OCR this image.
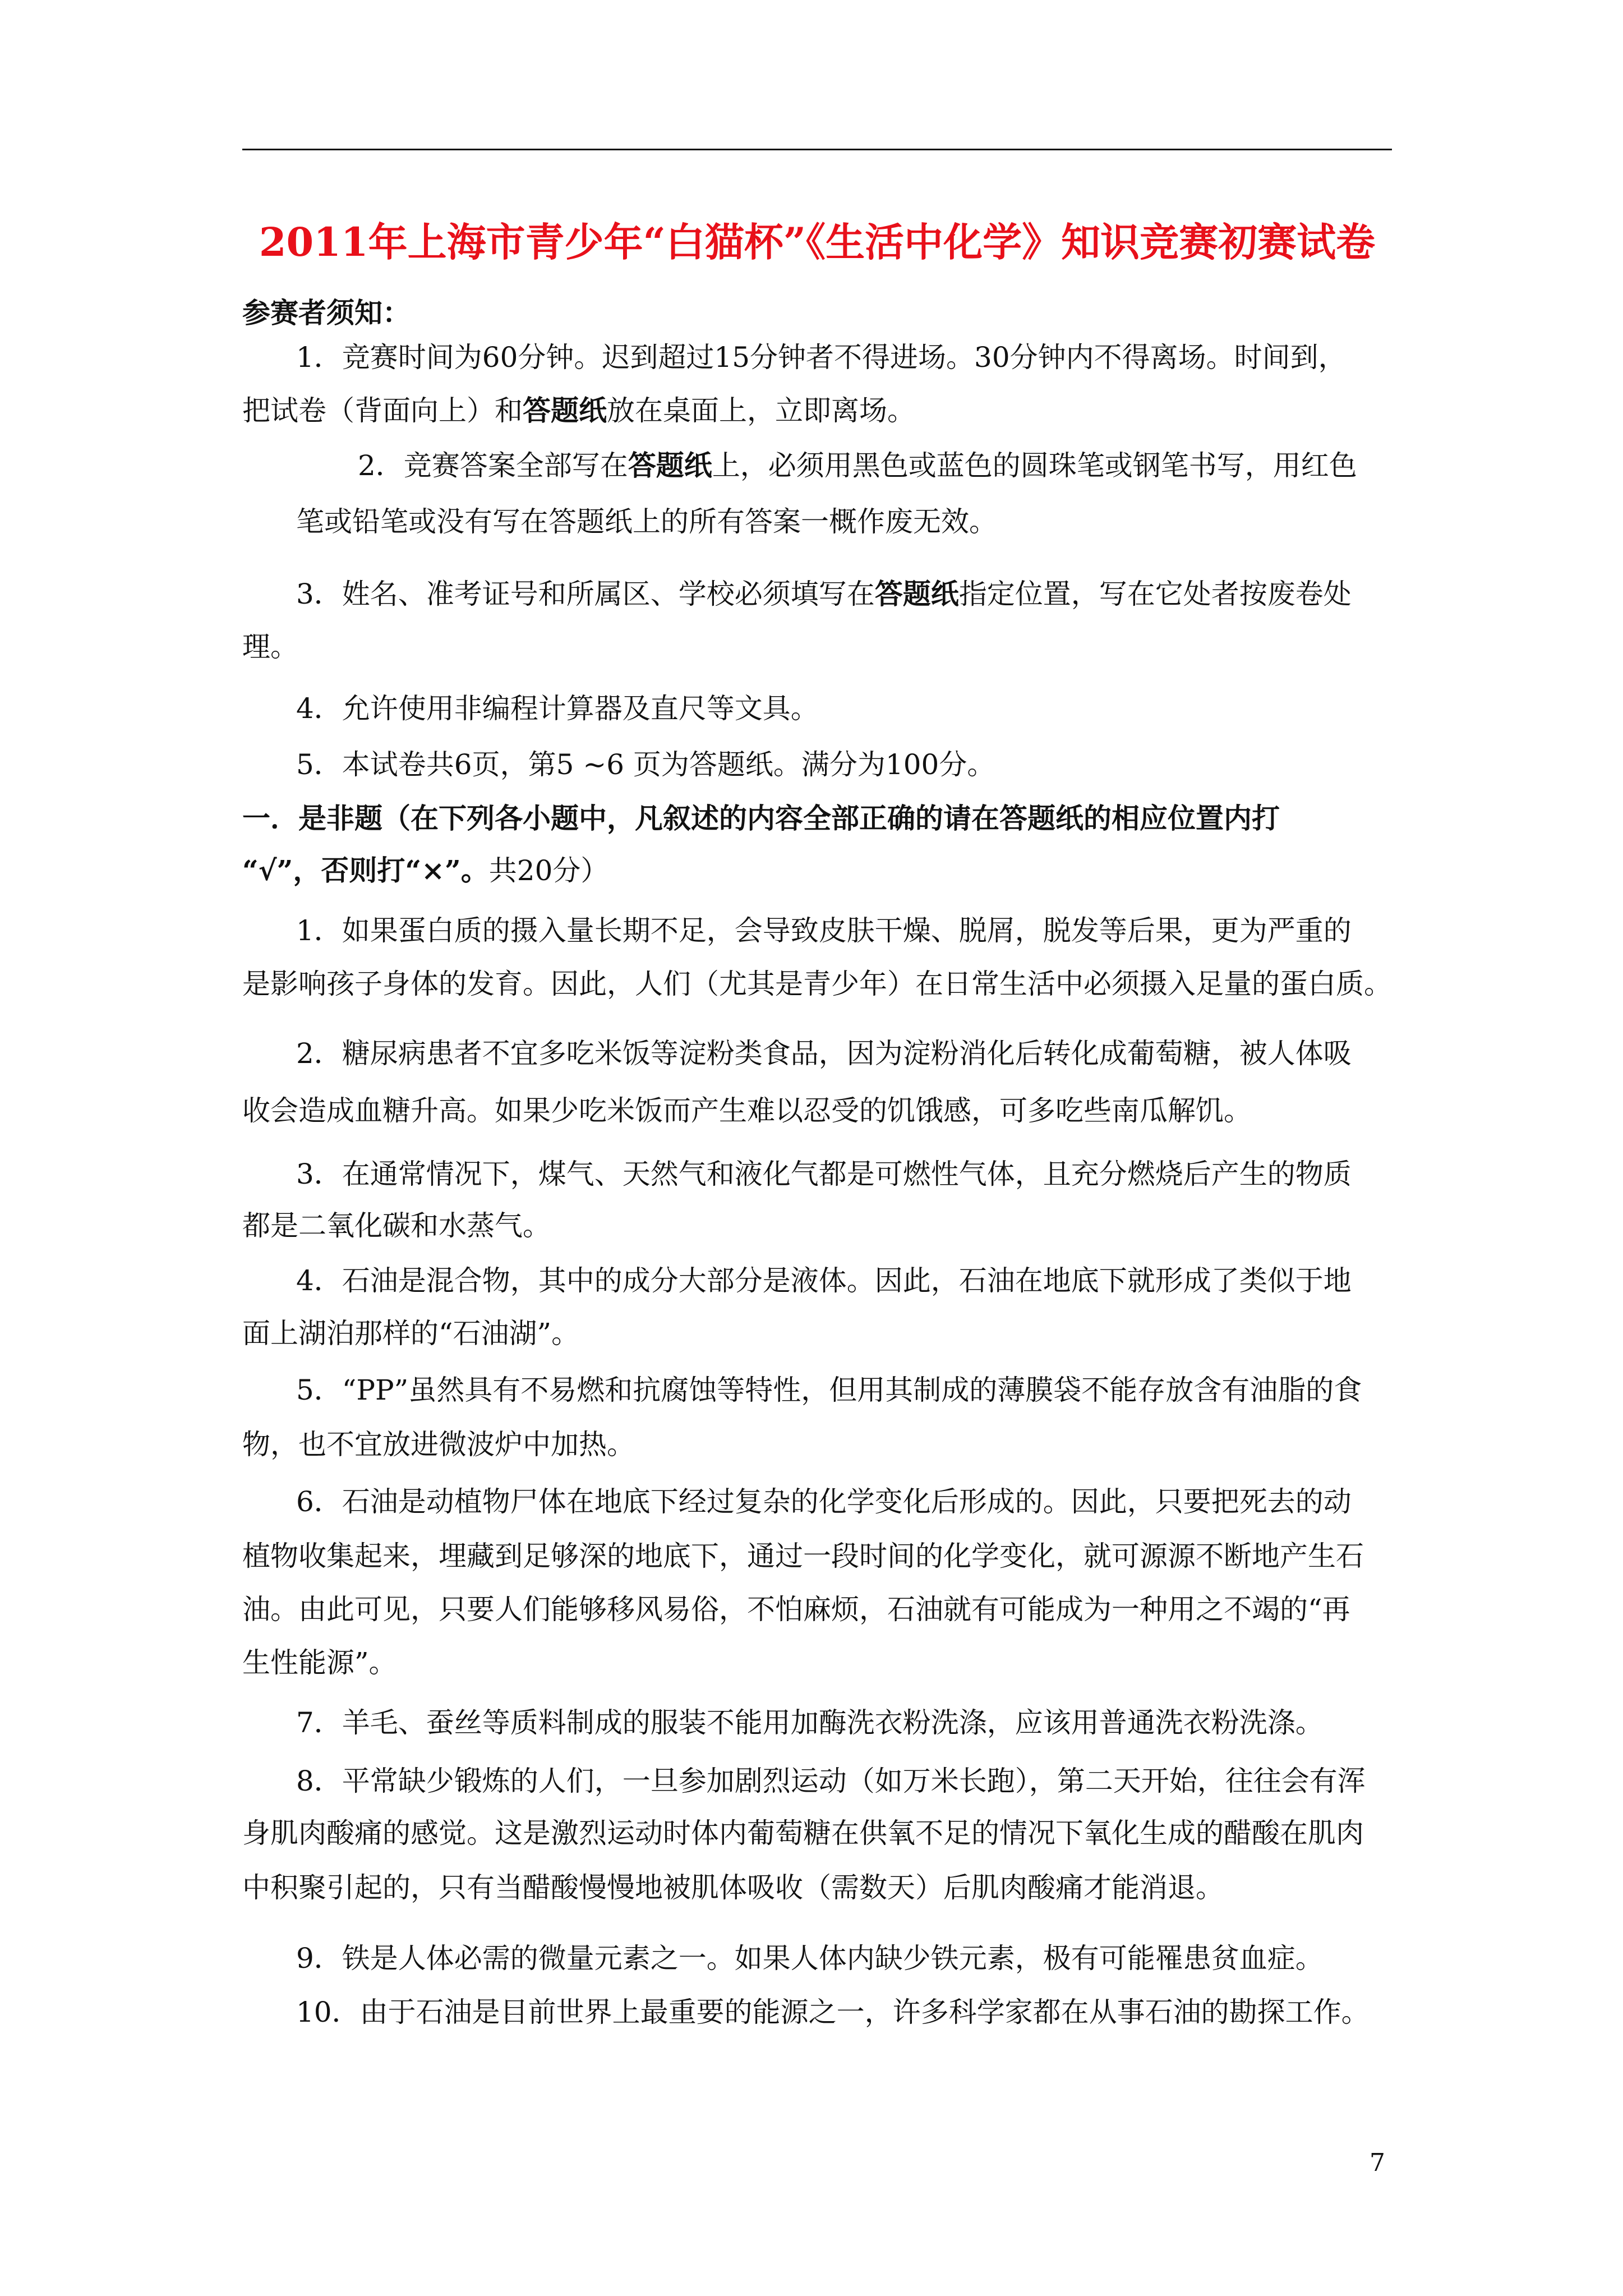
2011年上海市青少年“白猫杯”《生活中化学》知识竞赛初赛试卷
参赛者须知：
1．竞赛时间为60分钟。迟到超过15分钟者不得进场。30分钟内不得离场。时间到，
把试卷（背面向上）和答题纸放在桌面上，立即离场。
2．竞赛答案全部写在答题纸上，必须用黑色或蓝色的圆珠笔或钢笔书写，用红色
笔或铅笔或没有写在答题纸上的所有答案一概作废无效。
3．姓名、准考证号和所属区、学校必须填写在答题纸指定位置，写在它处者按废卷处
理。
4．允许使用非编程计算器及直尺等文具。
5．本试卷共6页，第5 ~6 页为答题纸。满分为100分。
一．是非题（在下列各小题中，凡叙述的内容全部正确的请在答题纸的相应位置内打
“√”，否则打“×”。共20分）
1．如果蛋白质的摄入量长期不足，会导致皮肤干燥、脱屑，脱发等后果，更为严重的
是影响孩子身体的发育。因此，人们（尤其是青少年）在日常生活中必须摄入足量的蛋白质。
2．糖尿病患者不宜多吃米饭等淀粉类食品，因为淀粉消化后转化成葡萄糖，被人体吸
收会造成血糖升高。如果少吃米饭而产生难以忍受的饥饿感，可多吃些南瓜解饥。
3．在通常情况下，煤气、天然气和液化气都是可燃性气体，且充分燃烧后产生的物质
都是二氧化碳和水蒸气。
4．石油是混合物，其中的成分大部分是液体。因此，石油在地底下就形成了类似于地
面上湖泊那样的“石油湖”。
5．“PP”虽然具有不易燃和抗腐蚀等特性，但用其制成的薄膜袋不能存放含有油脂的食
物，也不宜放进微波炉中加热。
6．石油是动植物尸体在地底下经过复杂的化学变化后形成的。因此，只要把死去的动
植物收集起来，埋藏到足够深的地底下，通过一段时间的化学变化，就可源源不断地产生石
油。由此可见，只要人们能够移风易俗，不怕麻烦，石油就有可能成为一种用之不竭的“再
生性能源”。
7．羊毛、蚕丝等质料制成的服装不能用加酶洗衣粉洗涤，应该用普通洗衣粉洗涤。
8．平常缺少锻炼的人们，一旦参加剧烈运动（如万米长跑），第二天开始，往往会有浑
身肌肉酸痛的感觉。这是激烈运动时体内葡萄糖在供氧不足的情况下氧化生成的醋酸在肌肉
中积聚引起的，只有当醋酸慢慢地被肌体吸收（需数天）后肌肉酸痛才能消退。
9．铁是人体必需的微量元素之一。如果人体内缺少铁元素，极有可能罹患贫血症。
10．由于石油是目前世界上最重要的能源之一，许多科学家都在从事石油的勘探工作。
7
